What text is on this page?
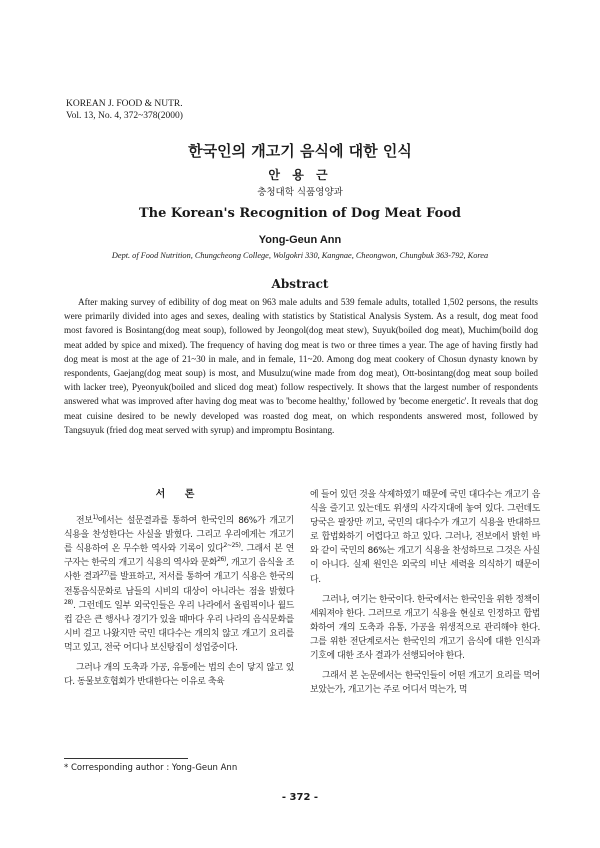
KOREAN J. FOOD & NUTR.
Vol. 13, No. 4, 372~378(2000)
한국인의 개고기 음식에 대한 인식
안 용 근
충청대학 식품영양과
The Korean's Recognition of Dog Meat Food
Yong-Geun Ann
Dept. of Food Nutrition, Chungcheong College, Wolgokri 330, Kangnae, Cheongwon, Chungbuk 363-792, Korea
Abstract
After making survey of edibility of dog meat on 963 male adults and 539 female adults, totalled 1,502 persons, the results were primarily divided into ages and sexes, dealing with statistics by Statistical Analysis System. As a result, dog meat food most favored is Bosintang(dog meat soup), followed by Jeongol(dog meat stew), Suyuk(boiled dog meat), Muchim(boild dog meat added by spice and mixed). The frequency of having dog meat is two or three times a year. The age of having firstly had dog meat is most at the age of 21~30 in male, and in female, 11~20. Among dog meat cookery of Chosun dynasty known by respondents, Gaejang(dog meat soup) is most, and Musulzu(wine made from dog meat), Ott-bosintang(dog meat soup boiled with lacker tree), Pyeonyuk(boiled and sliced dog meat) follow respectively. It shows that the largest number of respondents answered what was improved after having dog meat was to 'become healthy,' followed by 'become energetic'. It reveals that dog meat cuisine desired to be newly developed was roasted dog meat, on which respondents answered most, followed by Tangsuyuk (fried dog meat served with syrup) and impromptu Bosintang.
서 론

전보$^{1)}$에서는 설문결과를 통하여 한국인의 86%가 개고기 식용을 찬성한다는 사실을 밝혔다. 그리고 우리에게는 개고기를 식용하여 온 무수한 역사와 기록이 있다$^{2\sim 25)}$. 그래서 본 연구자는 한국의 개고기 식용의 역사와 문화$^{26)}$, 개고기 음식을 조사한 결과$^{27)}$를 발표하고, 저서를 통하여 개고기 식용은 한국의 전통음식문화로 남들의 시비의 대상이 아니라는 점을 밝혔다$^{28)}$. 그런데도 일부 외국인들은 우리 나라에서 올림픽이나 월드컵 같은 큰 행사나 경기가 있을 때마다 우리 나라의 음식문화를 시비 걸고 나왔지만 국민 대다수는 개의치 않고 개고기 요리를 먹고 있고, 전국 어디나 보신탕집이 성업중이다.

그러나 개의 도축과 가공, 유통에는 법의 손이 닿지 않고 있다. 동물보호협회가 반대한다는 이유로 축육

에 들어 있던 것을 삭제하였기 때문에 국민 대다수는 개고기 음식을 즐기고 있는데도 위생의 사각지대에 놓여 있다. 그런데도 당국은 팔장만 끼고, 국민의 대다수가 개고기 식용을 반대하므로 합법화하기 어렵다고 하고 있다. 그러나, 전보에서 밝힌 바와 같이 국민의 86%는 개고기 식용을 찬성하므로 그것은 사실이 아니다. 실제 원인은 외국의 비난 세력을 의식하기 때문이다.

그러나, 여기는 한국이다. 한국에서는 한국인을 위한 정책이 세워져야 한다. 그러므로 개고기 식용을 현실로 인정하고 합법화하여 개의 도축과 유통, 가공을 위생적으로 관리해야 한다. 그를 위한 전단계로서는 한국인의 개고기 음식에 대한 인식과 기호에 대한 조사 결과가 선행되어야 한다.

그래서 본 논문에서는 한국인들이 어떤 개고기 요리를 먹어 보았는가, 개고기는 주로 어디서 먹는가, 먹

* Corresponding author : Yong-Geun Ann
- 372 -
